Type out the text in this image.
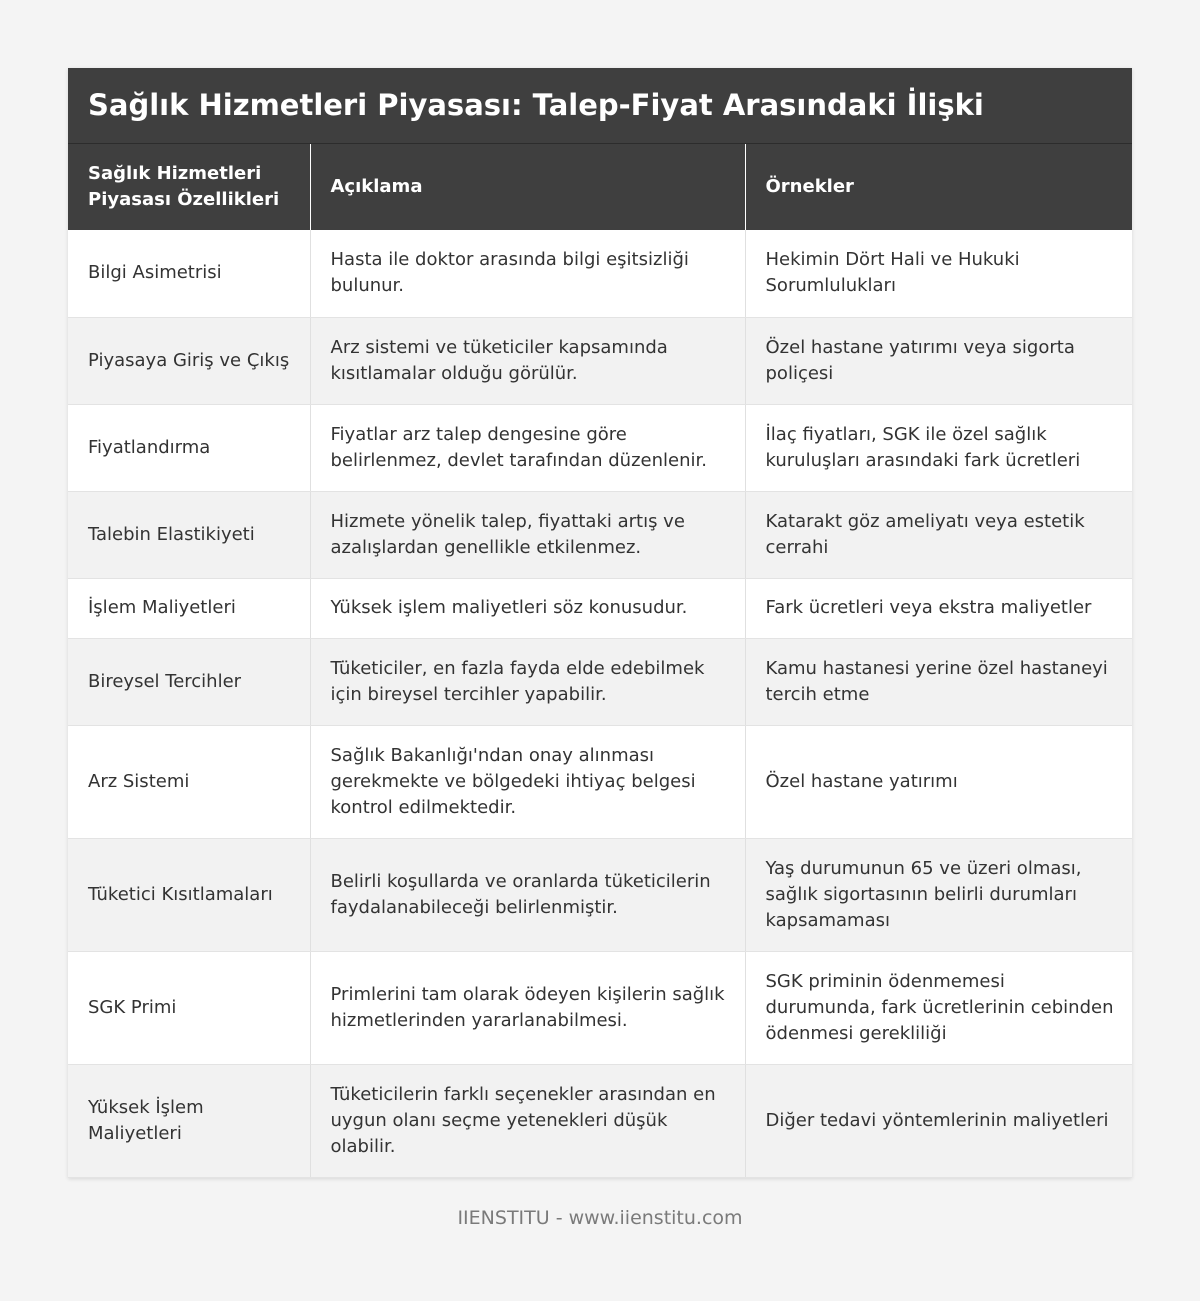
Sağlık Hizmetleri Piyasası: Talep-Fiyat Arasındaki İlişki
Sağlık Hizmetleri Piyasası Özellikleri	Açıklama	Örnekler
Bilgi Asimetrisi	Hasta ile doktor arasında bilgi eşitsizliği bulunur.	Hekimin Dört Hali ve Hukuki Sorumlulukları
Piyasaya Giriş ve Çıkış	Arz sistemi ve tüketiciler kapsamında kısıtlamalar olduğu görülür.	Özel hastane yatırımı veya sigorta poliçesi
Fiyatlandırma	Fiyatlar arz talep dengesine göre belirlenmez, devlet tarafından düzenlenir.	İlaç fiyatları, SGK ile özel sağlık kuruluşları arasındaki fark ücretleri
Talebin Elastikiyeti	Hizmete yönelik talep, fiyattaki artış ve azalışlardan genellikle etkilenmez.	Katarakt göz ameliyatı veya estetik cerrahi
İşlem Maliyetleri	Yüksek işlem maliyetleri söz konusudur.	Fark ücretleri veya ekstra maliyetler
Bireysel Tercihler	Tüketiciler, en fazla fayda elde edebilmek için bireysel tercihler yapabilir.	Kamu hastanesi yerine özel hastaneyi tercih etme
Arz Sistemi	Sağlık Bakanlığı'ndan onay alınması gerekmekte ve bölgedeki ihtiyaç belgesi kontrol edilmektedir.	Özel hastane yatırımı
Tüketici Kısıtlamaları	Belirli koşullarda ve oranlarda tüketicilerin faydalanabileceği belirlenmiştir.	Yaş durumunun 65 ve üzeri olması, sağlık sigortasının belirli durumları kapsamaması
SGK Primi	Primlerini tam olarak ödeyen kişilerin sağlık hizmetlerinden yararlanabilmesi.	SGK priminin ödenmemesi durumunda, fark ücretlerinin cebinden ödenmesi gerekliliği
Yüksek İşlem Maliyetleri	Tüketicilerin farklı seçenekler arasından en uygun olanı seçme yetenekleri düşük olabilir.	Diğer tedavi yöntemlerinin maliyetleri
IIENSTITU - www.iienstitu.com
